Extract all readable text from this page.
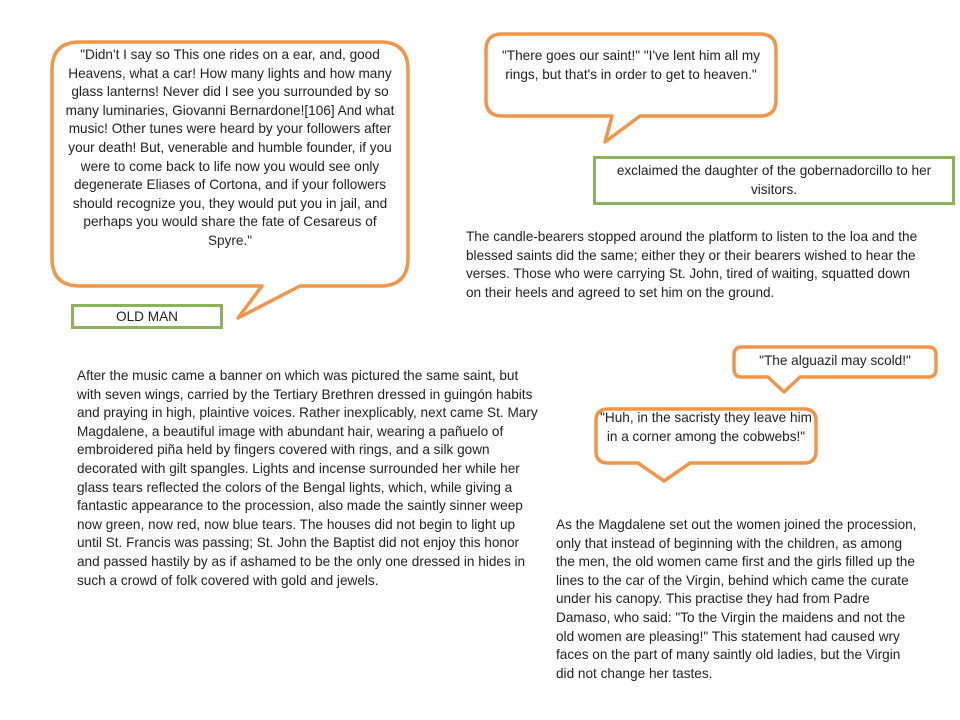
"Didn't I say so This one rides on a ear, and, good Heavens, what a car! How many lights and how many glass lanterns! Never did I see you surrounded by so many luminaries, Giovanni Bernardone![106] And what music! Other tunes were heard by your followers after your death! But, venerable and humble founder, if you were to come back to life now you would see only degenerate Eliases of Cortona, and if your followers should recognize you, they would put you in jail, and perhaps you would share the fate of Cesareus of Spyre."
"There goes our saint!" "I've lent him all my rings, but that's in order to get to heaven."
"The alguazil may scold!"
"Huh, in the sacristy they leave him in a corner among the cobwebs!"
OLD MAN
exclaimed the daughter of the gobernadorcillo to her visitors.
The candle-bearers stopped around the platform to listen to the loa and the blessed saints did the same; either they or their bearers wished to hear the verses. Those who were carrying St. John, tired of waiting, squatted down on their heels and agreed to set him on the ground.
After the music came a banner on which was pictured the same saint, but with seven wings, carried by the Tertiary Brethren dressed in guingón habits and praying in high, plaintive voices. Rather inexplicably, next came St. Mary Magdalene, a beautiful image with abundant hair, wearing a pañuelo of embroidered piña held by fingers covered with rings, and a silk gown decorated with gilt spangles. Lights and incense surrounded her while her glass tears reflected the colors of the Bengal lights, which, while giving a fantastic appearance to the procession, also made the saintly sinner weep now green, now red, now blue tears. The houses did not begin to light up until St. Francis was passing; St. John the Baptist did not enjoy this honor and passed hastily by as if ashamed to be the only one dressed in hides in such a crowd of folk covered with gold and jewels.
As the Magdalene set out the women joined the procession, only that instead of beginning with the children, as among the men, the old women came first and the girls filled up the lines to the car of the Virgin, behind which came the curate under his canopy. This practise they had from Padre Damaso, who said: "To the Virgin the maidens and not the old women are pleasing!" This statement had caused wry faces on the part of many saintly old ladies, but the Virgin did not change her tastes.
